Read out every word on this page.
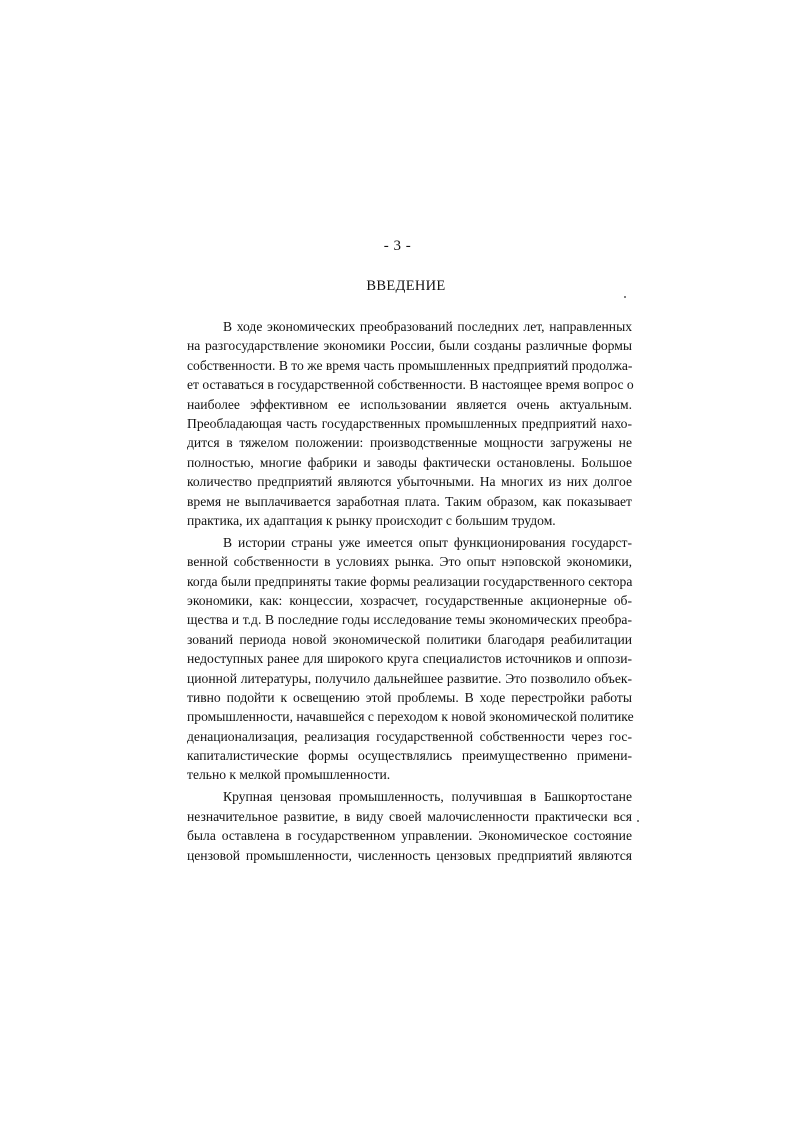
- 3 -
ВВЕДЕНИЕ
В ходе экономических преобразований последних лет, направленных
на разгосударствление экономики России, были созданы различные формы
собственности. В то же время часть промышленных предприятий продолжа-
ет оставаться в государственной собственности. В настоящее время вопрос о
наиболее эффективном ее использовании является очень актуальным.
Преобладающая часть государственных промышленных предприятий нахо-
дится в тяжелом положении: производственные мощности загружены не
полностью, многие фабрики и заводы фактически остановлены. Большое
количество предприятий являются убыточными. На многих из них долгое
время не выплачивается заработная плата. Таким образом, как показывает
практика, их адаптация к рынку происходит с большим трудом.
В истории страны уже имеется опыт функционирования государст-
венной собственности в условиях рынка. Это опыт нэповской экономики,
когда были предприняты такие формы реализации государственного сектора
экономики, как: концессии, хозрасчет, государственные акционерные об-
щества и т.д. В последние годы исследование темы экономических преобра-
зований периода новой экономической политики благодаря реабилитации
недоступных ранее для широкого круга специалистов источников и оппози-
ционной литературы, получило дальнейшее развитие. Это позволило объек-
тивно подойти к освещению этой проблемы. В ходе перестройки работы
промышленности, начавшейся с переходом к новой экономической политике
денационализация, реализация государственной собственности через гос-
капиталистические формы осуществлялись преимущественно примени-
тельно к мелкой промышленности.
Крупная цензовая промышленность, получившая в Башкортостане
незначительное развитие, в виду своей малочисленности практически вся
была оставлена в государственном управлении. Экономическое состояние
цензовой промышленности, численность цензовых предприятий являются
